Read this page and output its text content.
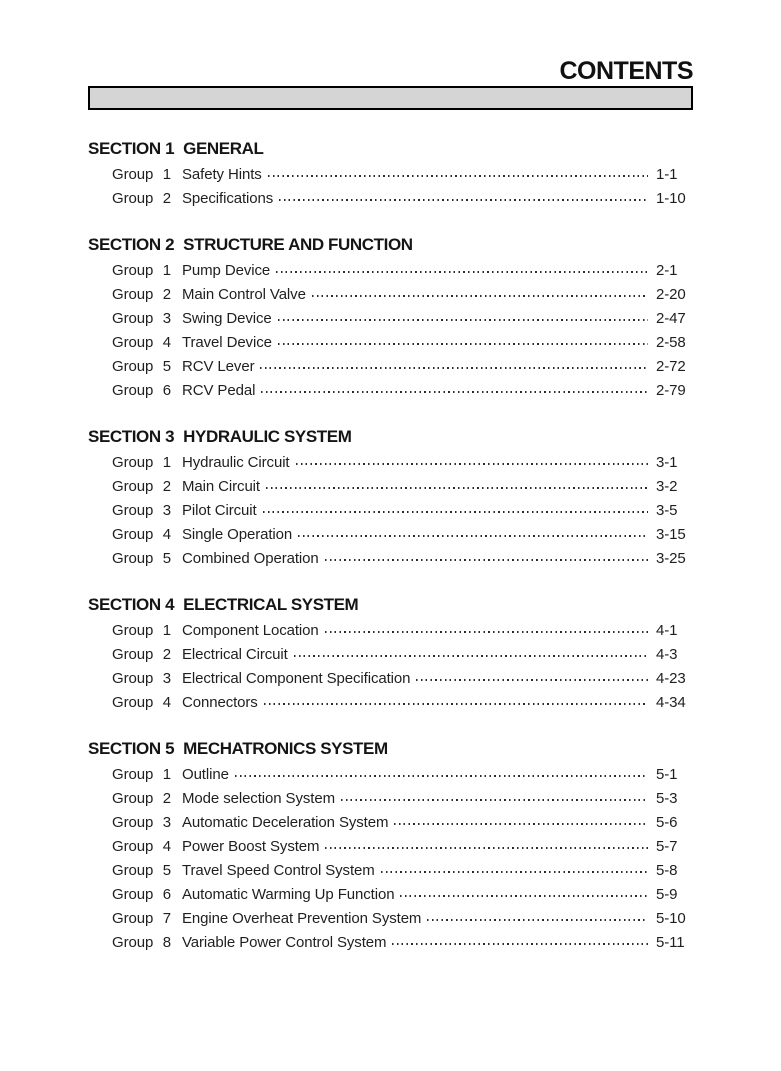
CONTENTS
SECTION 1 GENERAL
Group 1 Safety Hints	1-1
Group 2 Specifications	1-10
SECTION 2 STRUCTURE AND FUNCTION
Group 1 Pump Device	2-1
Group 2 Main Control Valve	2-20
Group 3 Swing Device	2-47
Group 4 Travel Device	2-58
Group 5 RCV Lever	2-72
Group 6 RCV Pedal	2-79
SECTION 3 HYDRAULIC SYSTEM
Group 1 Hydraulic Circuit	3-1
Group 2 Main Circuit	3-2
Group 3 Pilot Circuit	3-5
Group 4 Single Operation	3-15
Group 5 Combined Operation	3-25
SECTION 4 ELECTRICAL SYSTEM
Group 1 Component Location	4-1
Group 2 Electrical Circuit	4-3
Group 3 Electrical Component Specification	4-23
Group 4 Connectors	4-34
SECTION 5 MECHATRONICS SYSTEM
Group 1 Outline	5-1
Group 2 Mode selection System	5-3
Group 3 Automatic Deceleration System	5-6
Group 4 Power Boost System	5-7
Group 5 Travel Speed Control System	5-8
Group 6 Automatic Warming Up Function	5-9
Group 7 Engine Overheat Prevention System	5-10
Group 8 Variable Power Control System	5-11
